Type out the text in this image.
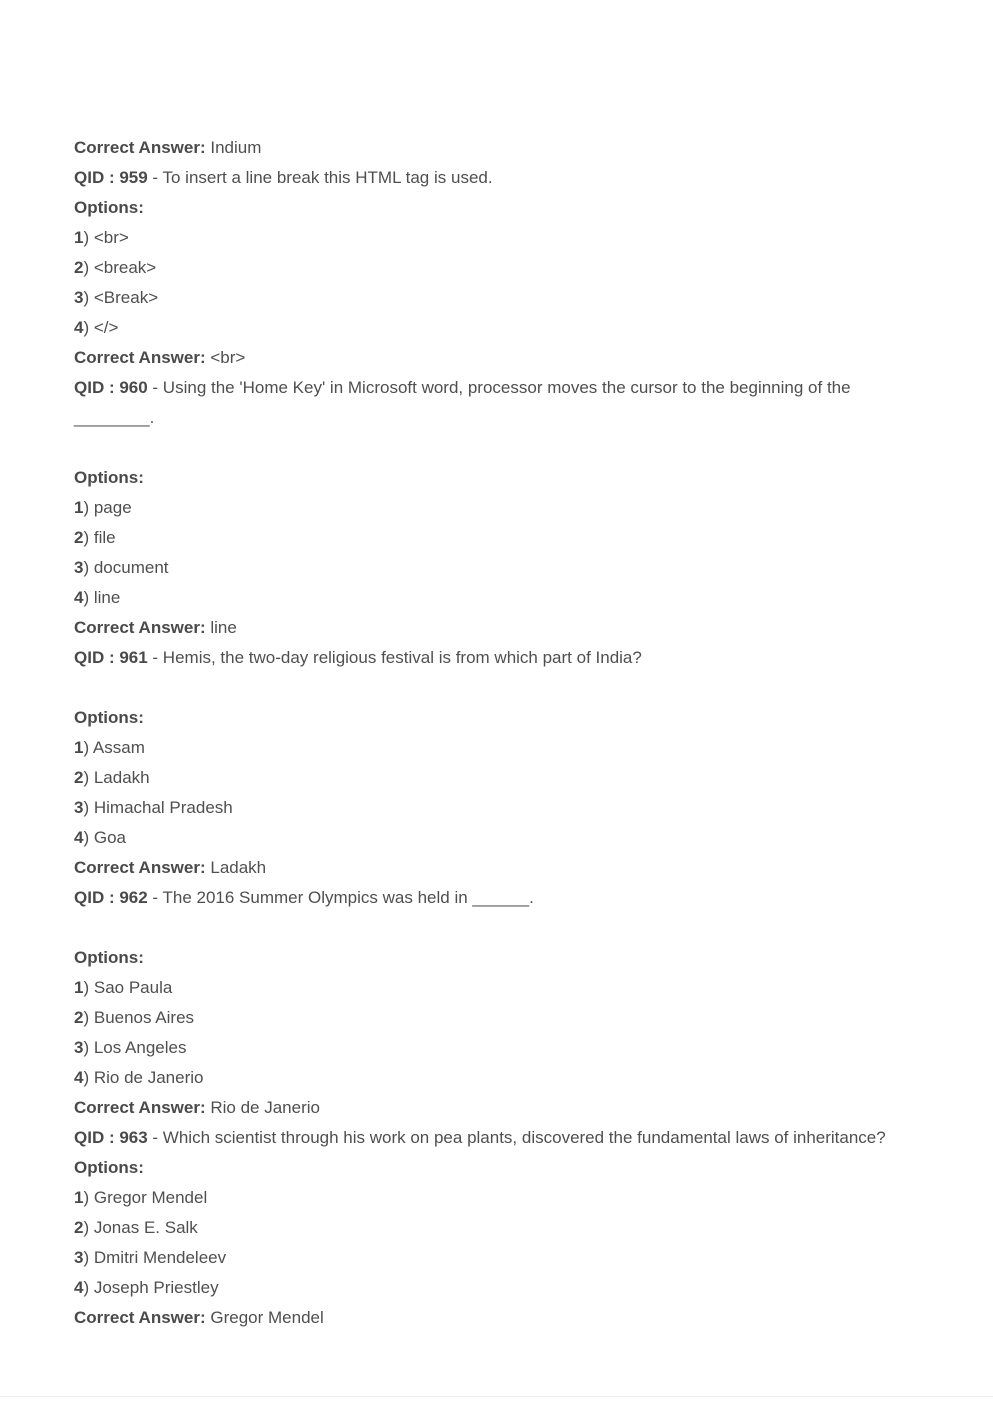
Correct Answer: Indium
QID : 959 - To insert a line break this HTML tag is used.
Options:
1) <br>
2) <break>
3) <Break>
4) </>
Correct Answer: <br>
QID : 960 - Using the 'Home Key' in Microsoft word, processor moves the cursor to the beginning of the
________.
Options:
1) page
2) file
3) document
4) line
Correct Answer: line
QID : 961 - Hemis, the two-day religious festival is from which part of India?
Options:
1) Assam
2) Ladakh
3) Himachal Pradesh
4) Goa
Correct Answer: Ladakh
QID : 962 - The 2016 Summer Olympics was held in ______.
Options:
1) Sao Paula
2) Buenos Aires
3) Los Angeles
4) Rio de Janerio
Correct Answer: Rio de Janerio
QID : 963 - Which scientist through his work on pea plants, discovered the fundamental laws of inheritance?
Options:
1) Gregor Mendel
2) Jonas E. Salk
3) Dmitri Mendeleev
4) Joseph Priestley
Correct Answer: Gregor Mendel
